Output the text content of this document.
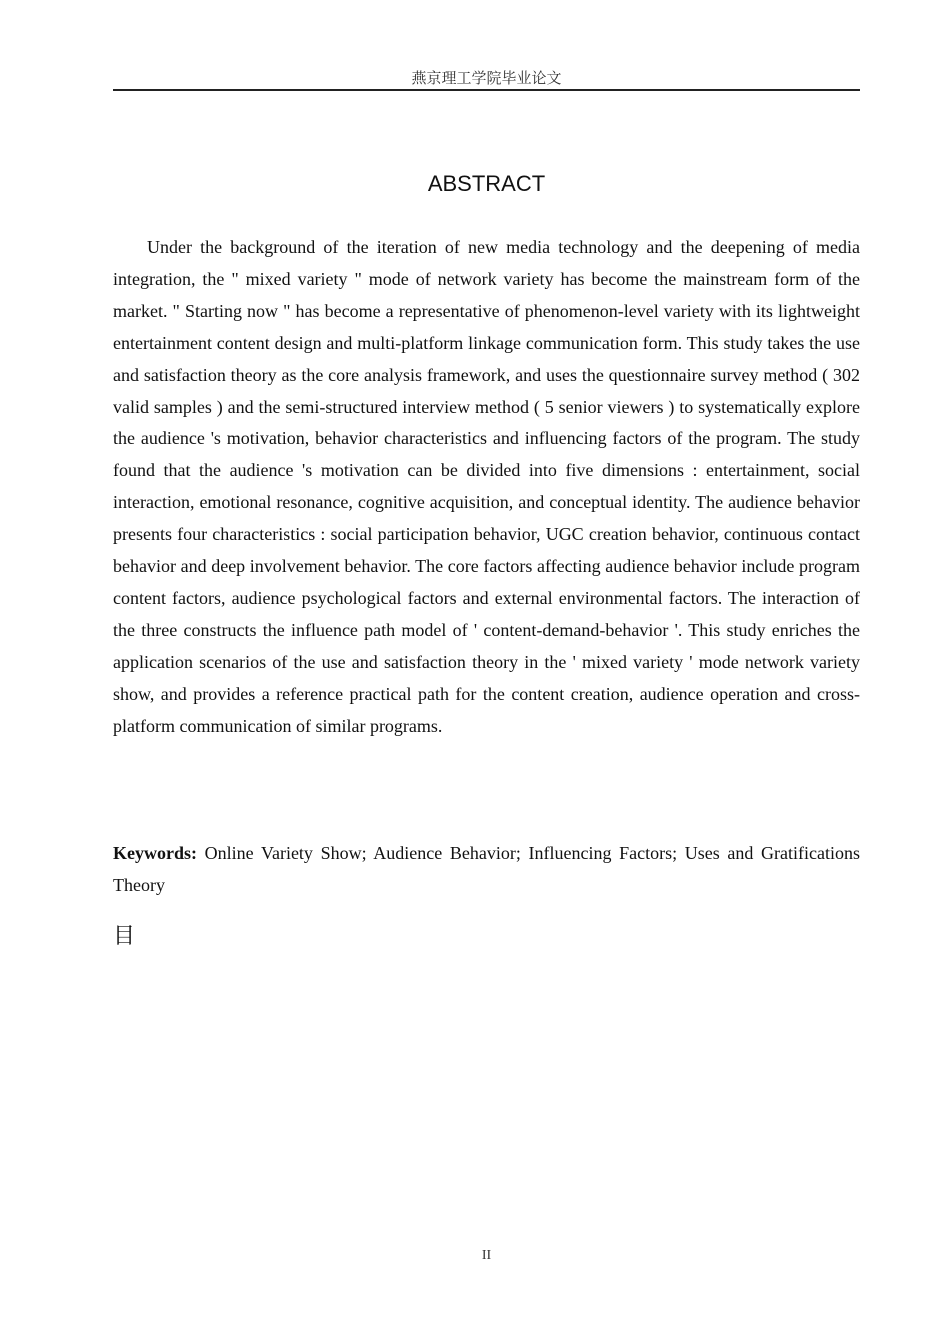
燕京理工学院毕业论文
ABSTRACT

Under the background of the iteration of new media technology and the deepening of media integration, the " mixed variety " mode of network variety has become the mainstream form of the market. " Starting now " has become a representative of phenomenon-level variety with its lightweight entertainment content design and multi-platform linkage communication form. This study takes the use and satisfaction theory as the core analysis framework, and uses the questionnaire survey method ( 302 valid samples ) and the semi-structured interview method ( 5 senior viewers ) to systematically explore the audience 's motivation, behavior characteristics and influencing factors of the program. The study found that the audience 's motivation can be divided into five dimensions : entertainment, social interaction, emotional resonance, cognitive acquisition, and conceptual identity. The audience behavior presents four characteristics : social participation behavior, UGC creation behavior, continuous contact behavior and deep involvement behavior. The core factors affecting audience behavior include program content factors, audience psychological factors and external environmental factors. The interaction of the three constructs the influence path model of ' content-demand-behavior '. This study enriches the application scenarios of the use and satisfaction theory in the ' mixed variety ' mode network variety show, and provides a reference practical path for the content creation, audience operation and cross-platform communication of similar programs.

Keywords: Online Variety Show; Audience Behavior; Influencing Factors; Uses and Gratifications Theory

目
II
